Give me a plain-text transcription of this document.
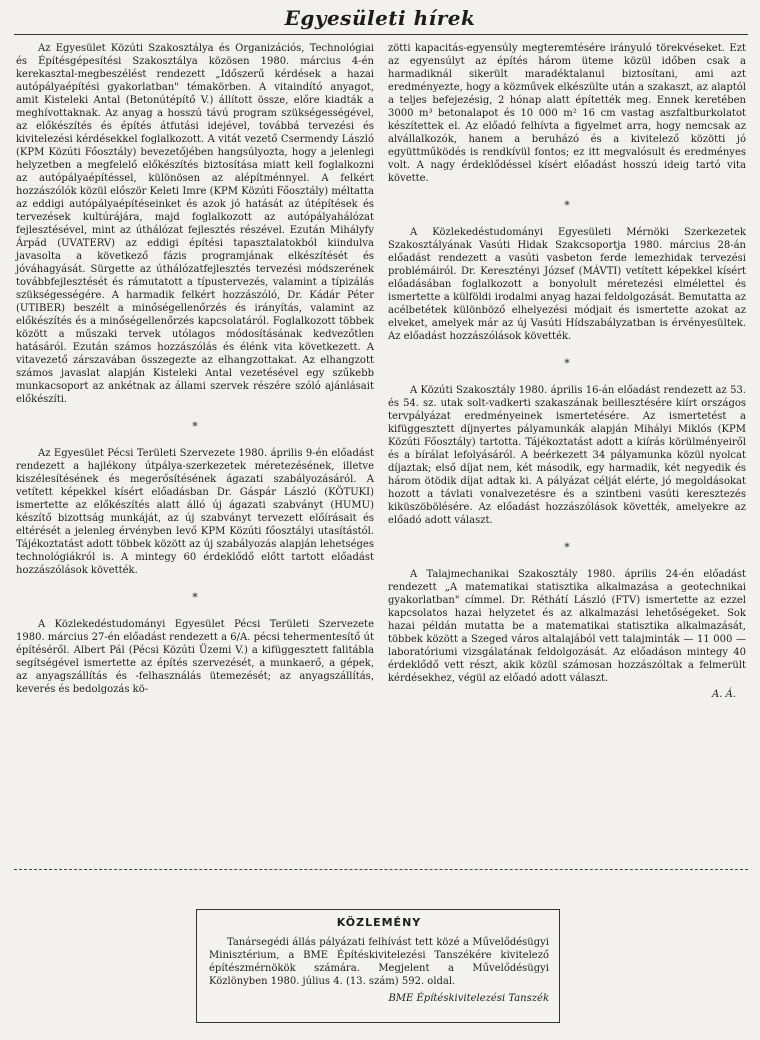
Egyesületi hírek

Az Egyesület Közúti Szakosztálya és Organizációs, Technológiai és Építésgépesítési Szakosztálya közösen 1980. március 4-én kerekasztal-megbeszélést rendezett „Időszerű kérdések a hazai autópályaépítési gyakorlatban" témakörben. A vitaindító anyagot, amit Kisteleki Antal (Betonútépítő V.) állított össze, előre kiadták a meghívottaknak. Az anyag a hosszú távú program szükségességével, az előkészítés és építés átfutási idejével, továbbá tervezési és kivitelezési kérdésekkel foglalkozott. A vitát vezető Csermendy László (KPM Közúti Főosztály) bevezetőjében hangsúlyozta, hogy a jelenlegi helyzetben a megfelelő előkészítés biztosítása miatt kell foglalkozni az autópályaépítéssel, különösen az alépítménnyel. A felkért hozzászólók közül először Keleti Imre (KPM Közúti Főosztály) méltatta az eddigi autópályaépítéseinket és azok jó hatását az útépítések és tervezések kultúrájára, majd foglalkozott az autópályahálózat fejlesztésével, mint az úthálózat fejlesztés részével. Ezután Mihályfy Árpád (UVATERV) az eddigi építési tapasztalatokból kiindulva javasolta a következő fázis programjának elkészítését és jóváhagyását. Sürgette az úthálózatfejlesztés tervezési módszerének továbbfejlesztését és rámutatott a típustervezés, valamint a típizálás szükségességére. A harmadik felkért hozzászóló, Dr. Kádár Péter (UTIBER) beszélt a minőségellenőrzés és irányítás, valamint az előkészítés és a minőségellenőrzés kapcsolatáról. Foglalkozott többek között a műszaki tervek utólagos módosításának kedvezőtlen hatásáról. Ezután számos hozzászólás és élénk vita következett. A vitavezető zárszavában összegezte az elhangzottakat. Az elhangzott számos javaslat alapján Kisteleki Antal vezetésével egy szűkebb munkacsoport az ankétnak az állami szervek részére szóló ajánlásait előkészíti.

*

Az Egyesület Pécsi Területi Szervezete 1980. április 9-én előadást rendezett a hajlékony útpálya-szerkezetek méretezésének, illetve kiszélesítésének és megerősítésének ágazati szabályozásáról. A vetített képekkel kísért előadásban Dr. Gáspár László (KÖTUKI) ismertette az előkészítés alatt álló új ágazati szabványt (HUMU) készítő bizottság munkáját, az új szabványt tervezett előírásait és eltérését a jelenleg érvényben levő KPM Közúti főosztályi utasítástól. Tájékoztatást adott többek között az új szabályozás alapján lehetséges technológiákról is. A mintegy 60 érdeklődő előtt tartott előadást hozzászólások követték.

*

A Közlekedéstudományi Egyesület Pécsi Területi Szervezete 1980. március 27-én előadást rendezett a 6/A. pécsi tehermentesítő út építéséről. Albert Pál (Pécsi Közúti Üzemi V.) a kifüggesztett falitábla segítségével ismertette az építés szervezését, a munkaerő, a gépek, az anyagszállítás és -felhasználás ütemezését; az anyagszállítás, keverés és bedolgozás kö-

zötti kapacitás-egyensúly megteremtésére irányuló törekvéseket. Ezt az egyensúlyt az építés három üteme közül időben csak a harmadiknál sikerült maradéktalanul biztosítani, ami azt eredményezte, hogy a közművek elkészülte után a szakaszt, az alaptól a teljes befejezésig, 2 hónap alatt építették meg. Ennek keretében 3000 m³ betonalapot és 10 000 m² 16 cm vastag aszfaltburkolatot készítettek el. Az előadó felhívta a figyelmet arra, hogy nemcsak az alvállalkozók, hanem a beruházó és a kivitelező közötti jó együttműködés is rendkívül fontos; ez itt megvalósult és eredményes volt. A nagy érdeklődéssel kísért előadást hosszú ideig tartó vita követte.

*

A Közlekedéstudományi Egyesületi Mérnöki Szerkezetek Szakosztályának Vasúti Hidak Szakcsoportja 1980. március 28-án előadást rendezett a vasúti vasbeton ferde lemezhidak tervezési problémáiról. Dr. Keresztényi József (MÁVTI) vetített képekkel kísért előadásában foglalkozott a bonyolult méretezési elmélettel és ismertette a külföldi irodalmi anyag hazai feldolgozását. Bemutatta az acélbetétek különböző elhelyezési módjait és ismertette azokat az elveket, amelyek már az új Vasúti Hídszabályzatban is érvényesültek. Az előadást hozzászólások követték.

*

A Közúti Szakosztály 1980. április 16-án előadást rendezett az 53. és 54. sz. utak solt-vadkerti szakaszának beillesztésére kiírt országos tervpályázat eredményeinek ismertetésére. Az ismertetést a kifüggesztett díjnyertes pályamunkák alapján Mihályi Miklós (KPM Közúti Főosztály) tartotta. Tájékoztatást adott a kiírás körülményeiről és a bírálat lefolyásáról. A beérkezett 34 pályamunka közül nyolcat díjaztak; első díjat nem, két második, egy harmadik, két negyedik és három ötödik díjat adtak ki. A pályázat célját elérte, jó megoldásokat hozott a távlati vonalvezetésre és a szintbeni vasúti keresztezés kiküszöbölésére. Az előadást hozzászólások követték, amelyekre az előadó adott választ.

*

A Talajmechanikai Szakosztály 1980. április 24-én előadást rendezett „A matematikai statisztika alkalmazása a geotechnikai gyakorlatban" címmel. Dr. Réthátí László (FTV) ismertette az ezzel kapcsolatos hazai helyzetet és az alkalmazási lehetőségeket. Sok hazai példán mutatta be a matematikai statisztika alkalmazását, többek között a Szeged város altalajából vett talajminták — 11 000 — laboratóriumi vizsgálatának feldolgozását. Az előadáson mintegy 40 érdeklődő vett részt, akik közül számosan hozzászóltak a felmerült kérdésekhez, végül az előadó adott választ.

A. Á.
KÖZLEMÉNY
Tanársegédi állás pályázati felhívást tett közé a Művelődésügyi Minisztérium, a BME Építéskivitelezési Tanszékére kivitelező építészmérnökök számára. Megjelent a Művelődésügyi Közlönyben 1980. július 4. (13. szám) 592. oldal.
BME Építéskivitelezési Tanszék
